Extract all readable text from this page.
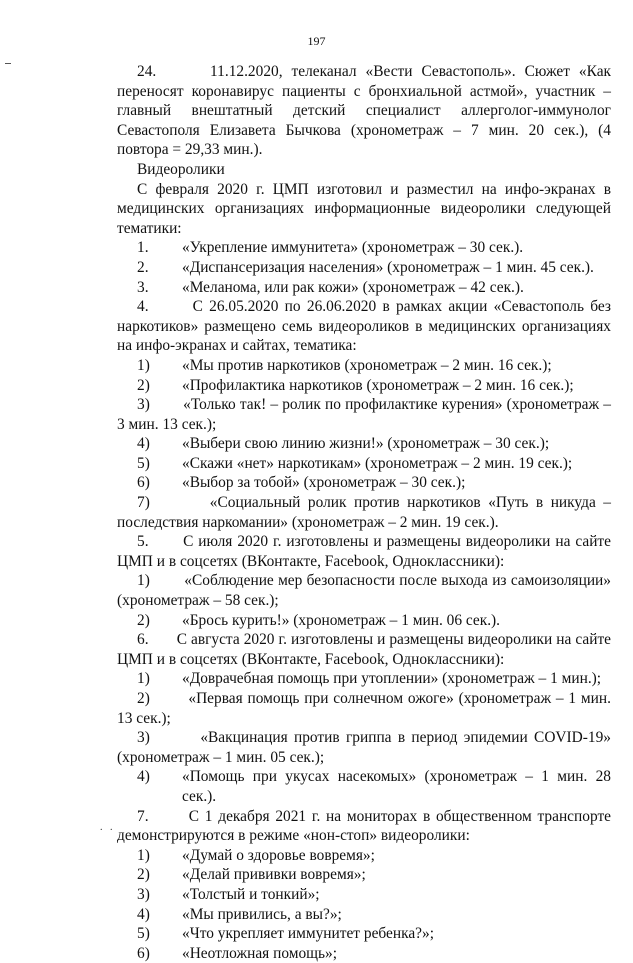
197

24.	11.12.2020, телеканал «Вести Севастополь». Сюжет «Как переносят коронавирус пациенты с бронхиальной астмой», участник – главный внештатный детский специалист аллерголог-иммунолог Севастополя Елизавета Бычкова (хронометраж – 7 мин. 20 сек.), (4 повтора = 29,33 мин.).

Видеоролики

С февраля 2020 г. ЦМП изготовил и разместил на инфо-экранах в медицинских организациях информационные видеоролики следующей тематики:

1. «Укрепление иммунитета» (хронометраж – 30 сек.).

2. «Диспансеризация населения» (хронометраж – 1 мин. 45 сек.).

3. «Меланома, или рак кожи» (хронометраж – 42 сек.).

4.	С 26.05.2020 по 26.06.2020 в рамках акции «Севастополь без наркотиков» размещено семь видеороликов в медицинских организациях на инфо-экранах и сайтах, тематика:

1) «Мы против наркотиков (хронометраж – 2 мин. 16 сек.);

2) «Профилактика наркотиков (хронометраж – 2 мин. 16 сек.);

3) «Только так! – ролик по профилактике курения» (хронометраж – 3 мин. 13 сек.);

4) «Выбери свою линию жизни!» (хронометраж – 30 сек.);

5) «Скажи «нет» наркотикам» (хронометраж – 2 мин. 19 сек.);

6) «Выбор за тобой» (хронометраж – 30 сек.);

7)	«Социальный ролик против наркотиков «Путь в никуда – последствия наркомании» (хронометраж – 2 мин. 19 сек.).

5. С июля 2020 г. изготовлены и размещены видеоролики на сайте ЦМП и в соцсетях (ВКонтакте, Facebook, Одноклассники):

1) «Соблюдение мер безопасности после выхода из самоизоляции» (хронометраж – 58 сек.);

2) «Брось курить!» (хронометраж – 1 мин. 06 сек.).

6. С августа 2020 г. изготовлены и размещены видеоролики на сайте ЦМП и в соцсетях (ВКонтакте, Facebook, Одноклассники):

1) «Доврачебная помощь при утоплении» (хронометраж – 1 мин.);

2)	«Первая помощь при солнечном ожоге» (хронометраж – 1 мин. 13 сек.);

3)	«Вакцинация против гриппа в период эпидемии COVID-19» (хронометраж – 1 мин. 05 сек.);

4) «Помощь при укусах насекомых» (хронометраж – 1 мин. 28 сек.).

7.	С 1 декабря 2021 г. на мониторах в общественном транспорте демонстрируются в режиме «нон-стоп» видеоролики:

1) «Думай о здоровье вовремя»;

2) «Делай прививки вовремя»;

3) «Толстый и тонкий»;

4) «Мы привились, а вы?»;

5) «Что укрепляет иммунитет ребенка?»;

6) «Неотложная помощь»;

.   .
